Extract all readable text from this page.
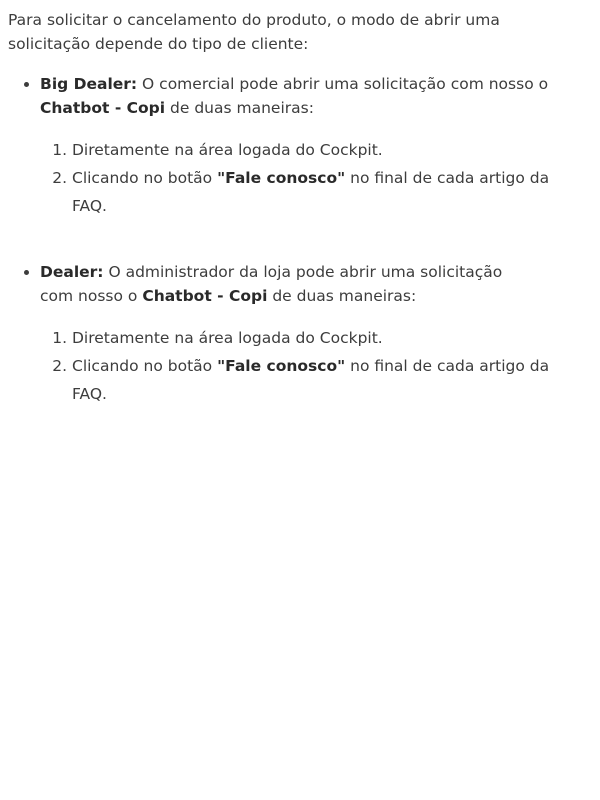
Para solicitar o cancelamento do produto, o modo de abrir uma solicitação depende do tipo de cliente:

• Big Dealer: O comercial pode abrir uma solicitação com nosso o Chatbot - Copi de duas maneiras:

1. Diretamente na área logada do Cockpit.
2. Clicando no botão "Fale conosco" no final de cada artigo da FAQ.

• Dealer: O administrador da loja pode abrir uma solicitação com nosso o Chatbot - Copi de duas maneiras:

1. Diretamente na área logada do Cockpit.
2. Clicando no botão "Fale conosco" no final de cada artigo da FAQ.
